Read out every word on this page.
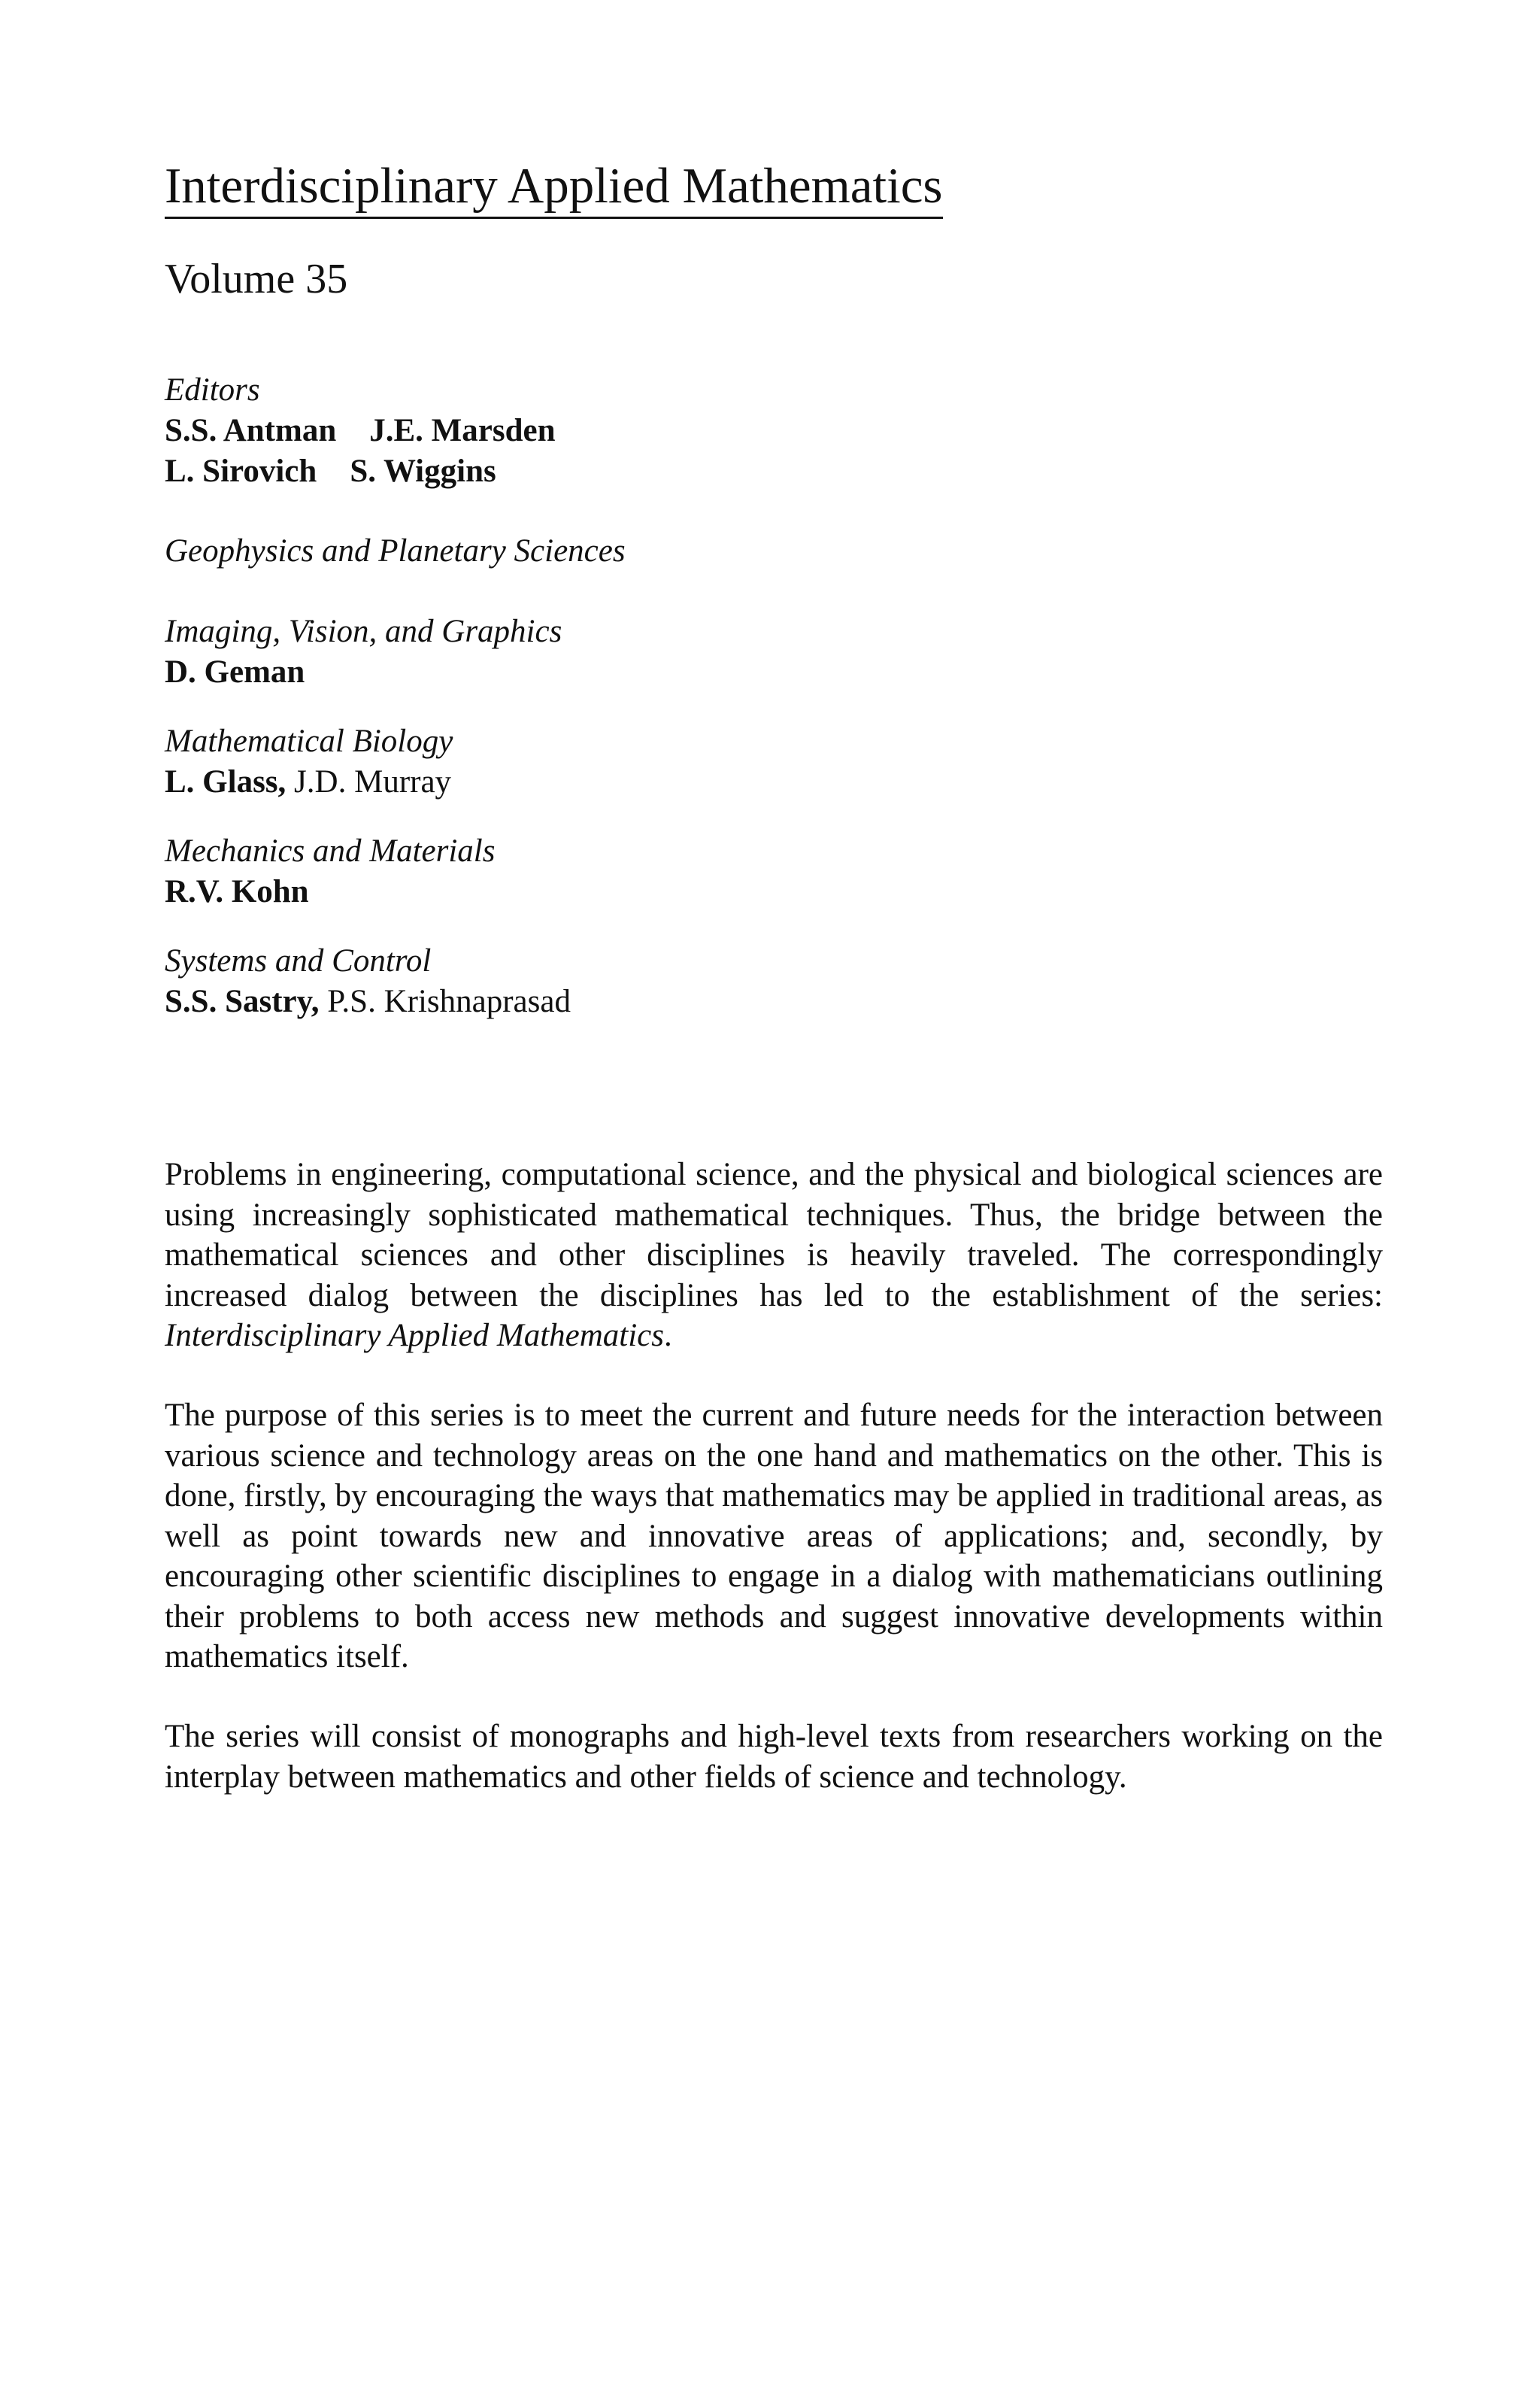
Interdisciplinary Applied Mathematics
Volume 35
Editors
S.S. Antman J.E. Marsden
L. Sirovich S. Wiggins
Geophysics and Planetary Sciences
Imaging, Vision, and Graphics
D. Geman
Mathematical Biology
L. Glass, J.D. Murray
Mechanics and Materials
R.V. Kohn
Systems and Control
S.S. Sastry, P.S. Krishnaprasad

Problems in engineering, computational science, and the physical and biological sciences are using increasingly sophisticated mathematical techniques. Thus, the bridge between the mathematical sciences and other disciplines is heavily traveled. The correspondingly increased dialog between the disciplines has led to the establishment of the series: Interdisciplinary Applied Mathematics.

The purpose of this series is to meet the current and future needs for the interaction between various science and technology areas on the one hand and mathematics on the other. This is done, firstly, by encouraging the ways that mathematics may be applied in traditional areas, as well as point towards new and innovative areas of applications; and, secondly, by encouraging other scientific disciplines to engage in a dialog with mathematicians outlining their problems to both access new methods and suggest innovative developments within mathematics itself.

The series will consist of monographs and high-level texts from researchers working on the interplay between mathematics and other fields of science and technology.
